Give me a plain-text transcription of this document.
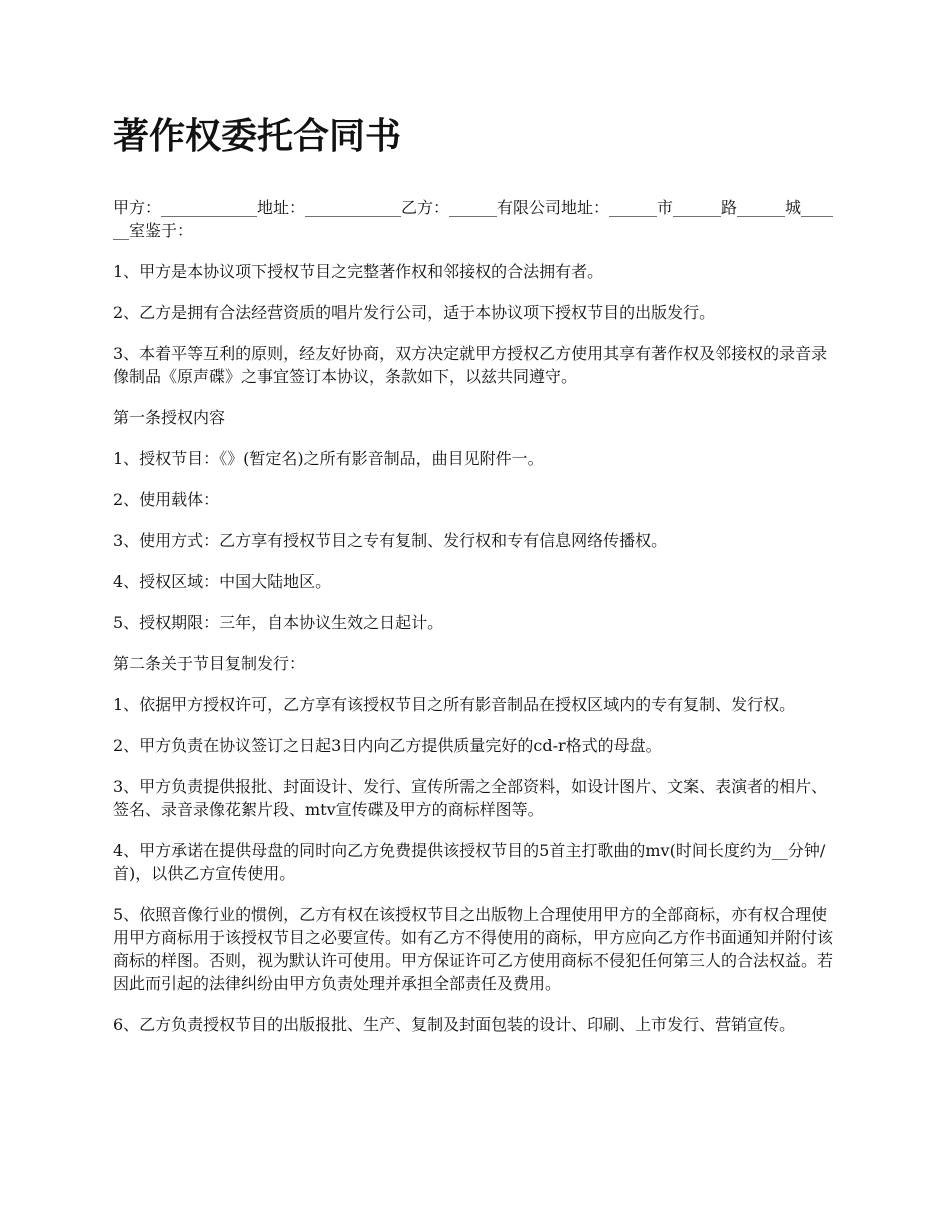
著作权委托合同书

甲方：____________地址：____________乙方：______有限公司地址：______市______路______城______室鉴于：

1、甲方是本协议项下授权节目之完整著作权和邻接权的合法拥有者。

2、乙方是拥有合法经营资质的唱片发行公司，适于本协议项下授权节目的出版发行。

3、本着平等互利的原则，经友好协商，双方决定就甲方授权乙方使用其享有著作权及邻接权的录音录像制品《原声碟》之事宜签订本协议，条款如下，以兹共同遵守。

第一条授权内容

1、授权节目：《》(暂定名)之所有影音制品，曲目见附件一。

2、使用载体：

3、使用方式：乙方享有授权节目之专有复制、发行权和专有信息网络传播权。

4、授权区域：中国大陆地区。

5、授权期限：三年，自本协议生效之日起计。

第二条关于节目复制发行：

1、依据甲方授权许可，乙方享有该授权节目之所有影音制品在授权区域内的专有复制、发行权。

2、甲方负责在协议签订之日起3日内向乙方提供质量完好的cd-r格式的母盘。

3、甲方负责提供报批、封面设计、发行、宣传所需之全部资料，如设计图片、文案、表演者的相片、签名、录音录像花絮片段、mtv宣传碟及甲方的商标样图等。

4、甲方承诺在提供母盘的同时向乙方免费提供该授权节目的5首主打歌曲的mv(时间长度约为__分钟/首)，以供乙方宣传使用。

5、依照音像行业的惯例，乙方有权在该授权节目之出版物上合理使用甲方的全部商标，亦有权合理使用甲方商标用于该授权节目之必要宣传。如有乙方不得使用的商标，甲方应向乙方作书面通知并附付该商标的样图。否则，视为默认许可使用。甲方保证许可乙方使用商标不侵犯任何第三人的合法权益。若因此而引起的法律纠纷由甲方负责处理并承担全部责任及费用。

6、乙方负责授权节目的出版报批、生产、复制及封面包装的设计、印刷、上市发行、营销宣传。
